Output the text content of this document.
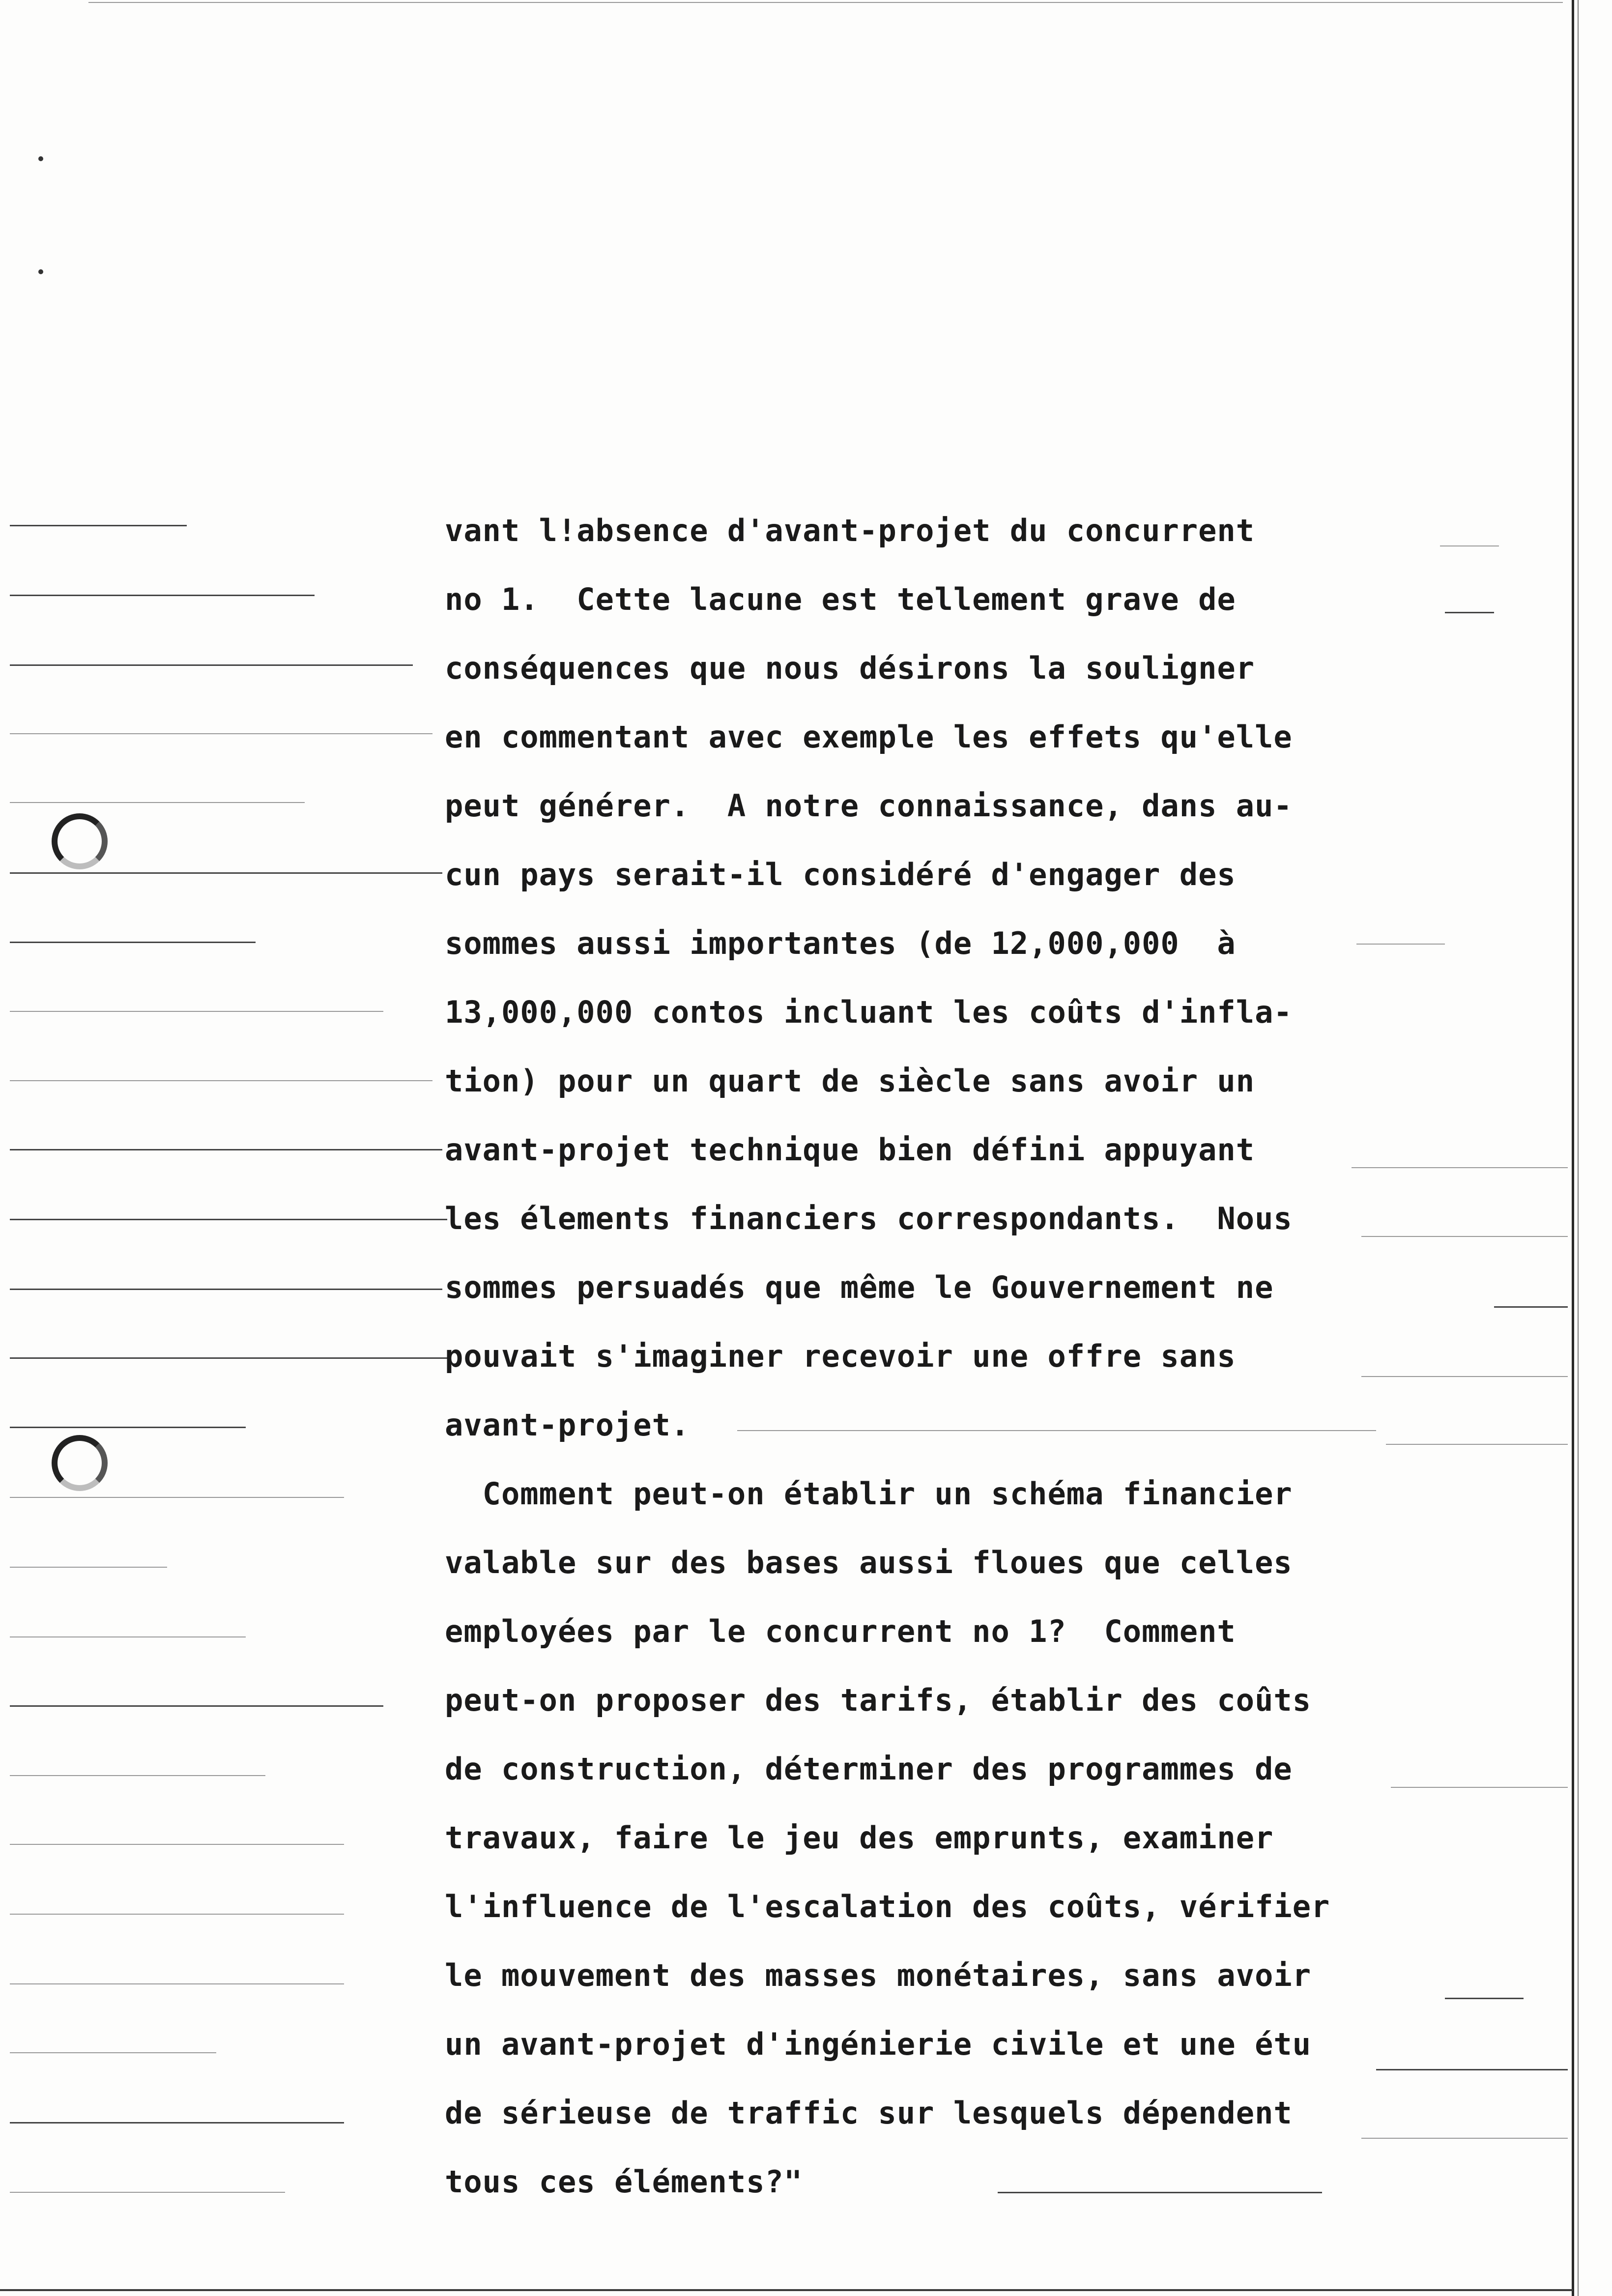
vant l!absence d'avant-projet du concurrent
no 1.  Cette lacune est tellement grave de
conséquences que nous désirons la souligner
en commentant avec exemple les effets qu'elle
peut générer.  A notre connaissance, dans au-
cun pays serait-il considéré d'engager des
sommes aussi importantes (de 12,000,000  à
13,000,000 contos incluant les coûts d'infla-
tion) pour un quart de siècle sans avoir un
avant-projet technique bien défini appuyant
les élements financiers correspondants.  Nous
sommes persuadés que même le Gouvernement ne
pouvait s'imaginer recevoir une offre sans
avant-projet.
Comment peut-on établir un schéma financier
valable sur des bases aussi floues que celles
employées par le concurrent no 1?  Comment
peut-on proposer des tarifs, établir des coûts
de construction, déterminer des programmes de
travaux, faire le jeu des emprunts, examiner
l'influence de l'escalation des coûts, vérifier
le mouvement des masses monétaires, sans avoir
un avant-projet d'ingénierie civile et une étu
de sérieuse de traffic sur lesquels dépendent
tous ces éléments?"
